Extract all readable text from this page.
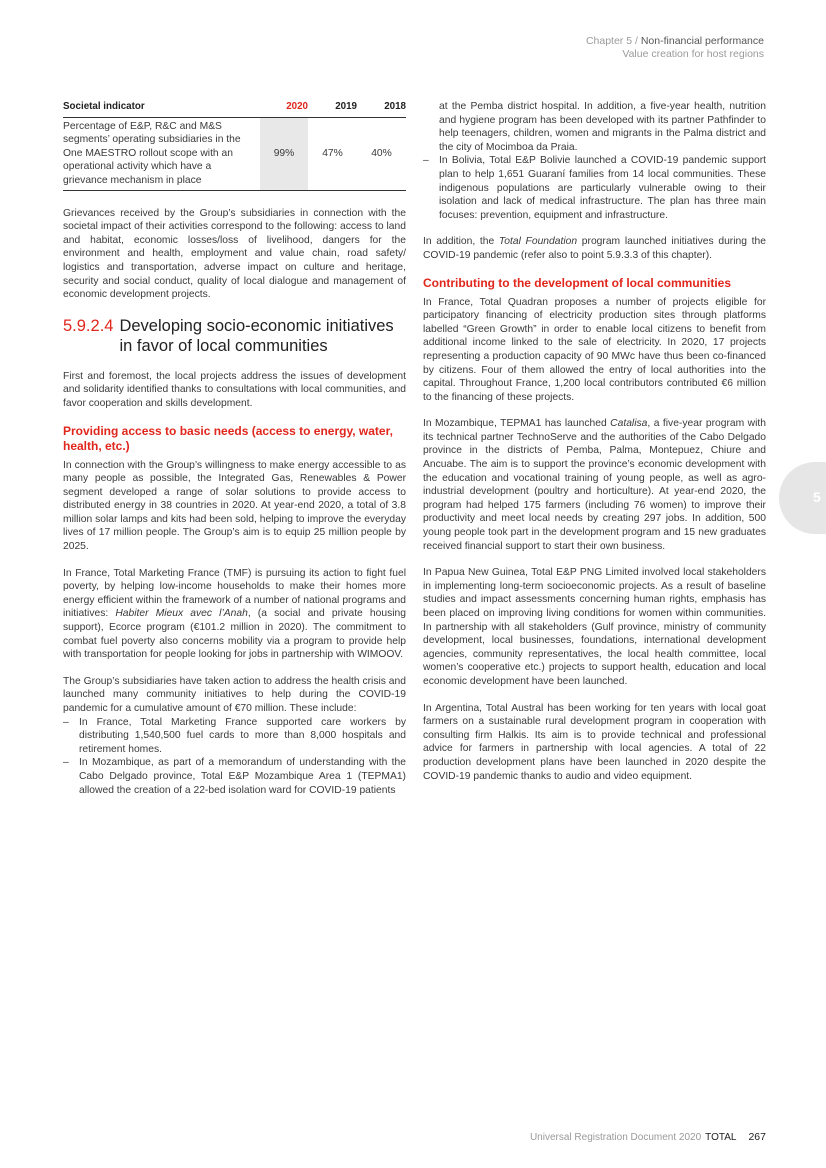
Chapter 5 / Non-financial performance
Value creation for host regions
Societal indicator	2020	2019	2018
Percentage of E&P, R&C and M&S segments’ operating subsidiaries in the One MAESTRO rollout scope with an operational activity which have a grievance mechanism in place	99%	47%	40%

Grievances received by the Group’s subsidiaries in connection with the societal impact of their activities correspond to the following: access to land and habitat, economic losses/loss of livelihood, dangers for the environment and health, employment and value chain, road safety/ logistics and transportation, adverse impact on culture and heritage, security and social conduct, quality of local dialogue and management of economic development projects.

5.9.2.4 Developing socio-economic initiatives in favor of local communities

First and foremost, the local projects address the issues of development and solidarity identified thanks to consultations with local communities, and favor cooperation and skills development.

Providing access to basic needs (access to energy, water, health, etc.)

In connection with the Group’s willingness to make energy accessible to as many people as possible, the Integrated Gas, Renewables & Power segment developed a range of solar solutions to provide access to distributed energy in 38 countries in 2020. At year-end 2020, a total of 3.8 million solar lamps and kits had been sold, helping to improve the everyday lives of 17 million people. The Group’s aim is to equip 25 million people by 2025.

In France, Total Marketing France (TMF) is pursuing its action to fight fuel poverty, by helping low-income households to make their homes more energy efficient within the framework of a number of national programs and initiatives: Habiter Mieux avec l’Anah, (a social and private housing support), Ecorce program (€101.2 million in 2020). The commitment to combat fuel poverty also concerns mobility via a program to provide help with transportation for people looking for jobs in partnership with WIMOOV.

The Group’s subsidiaries have taken action to address the health crisis and launched many community initiatives to help during the COVID-19 pandemic for a cumulative amount of €70 million. These include:

– In France, Total Marketing France supported care workers by distributing 1,540,500 fuel cards to more than 8,000 hospitals and retirement homes.
– In Mozambique, as part of a memorandum of understanding with the Cabo Delgado province, Total E&P Mozambique Area 1 (TEPMA1) allowed the creation of a 22-bed isolation ward for COVID-19 patients
at the Pemba district hospital. In addition, a five-year health, nutrition and hygiene program has been developed with its partner Pathfinder to help teenagers, children, women and migrants in the Palma district and the city of Mocimboa da Praia.
– In Bolivia, Total E&P Bolivie launched a COVID-19 pandemic support plan to help 1,651 Guaraní families from 14 local communities. These indigenous populations are particularly vulnerable owing to their isolation and lack of medical infrastructure. The plan has three main focuses: prevention, equipment and infrastructure.

In addition, the Total Foundation program launched initiatives during the COVID-19 pandemic (refer also to point 5.9.3.3 of this chapter).

Contributing to the development of local communities

In France, Total Quadran proposes a number of projects eligible for participatory financing of electricity production sites through platforms labelled “Green Growth” in order to enable local citizens to benefit from additional income linked to the sale of electricity. In 2020, 17 projects representing a production capacity of 90 MWc have thus been co-financed by citizens. Four of them allowed the entry of local authorities into the capital. Throughout France, 1,200 local contributors contributed €6 million to the financing of these projects.

In Mozambique, TEPMA1 has launched Catalisa, a five-year program with its technical partner TechnoServe and the authorities of the Cabo Delgado province in the districts of Pemba, Palma, Montepuez, Chiure and Ancuabe. The aim is to support the province’s economic development with the education and vocational training of young people, as well as agro-industrial development (poultry and horticulture). At year-end 2020, the program had helped 175 farmers (including 76 women) to improve their productivity and meet local needs by creating 297 jobs. In addition, 500 young people took part in the development program and 15 new graduates received financial support to start their own business.

In Papua New Guinea, Total E&P PNG Limited involved local stakeholders in implementing long-term socioeconomic projects. As a result of baseline studies and impact assessments concerning human rights, emphasis has been placed on improving living conditions for women within communities. In partnership with all stakeholders (Gulf province, ministry of community development, local businesses, foundations, international development agencies, community representatives, the local health committee, local women’s cooperative etc.) projects to support health, education and local economic development have been launched.

In Argentina, Total Austral has been working for ten years with local goat farmers on a sustainable rural development program in cooperation with consulting firm Halkis. Its aim is to provide technical and professional advice for farmers in partnership with local agencies. A total of 22 production development plans have been launched in 2020 despite the COVID-19 pandemic thanks to audio and video equipment.

5
Universal Registration Document 2020 TOTAL 267
